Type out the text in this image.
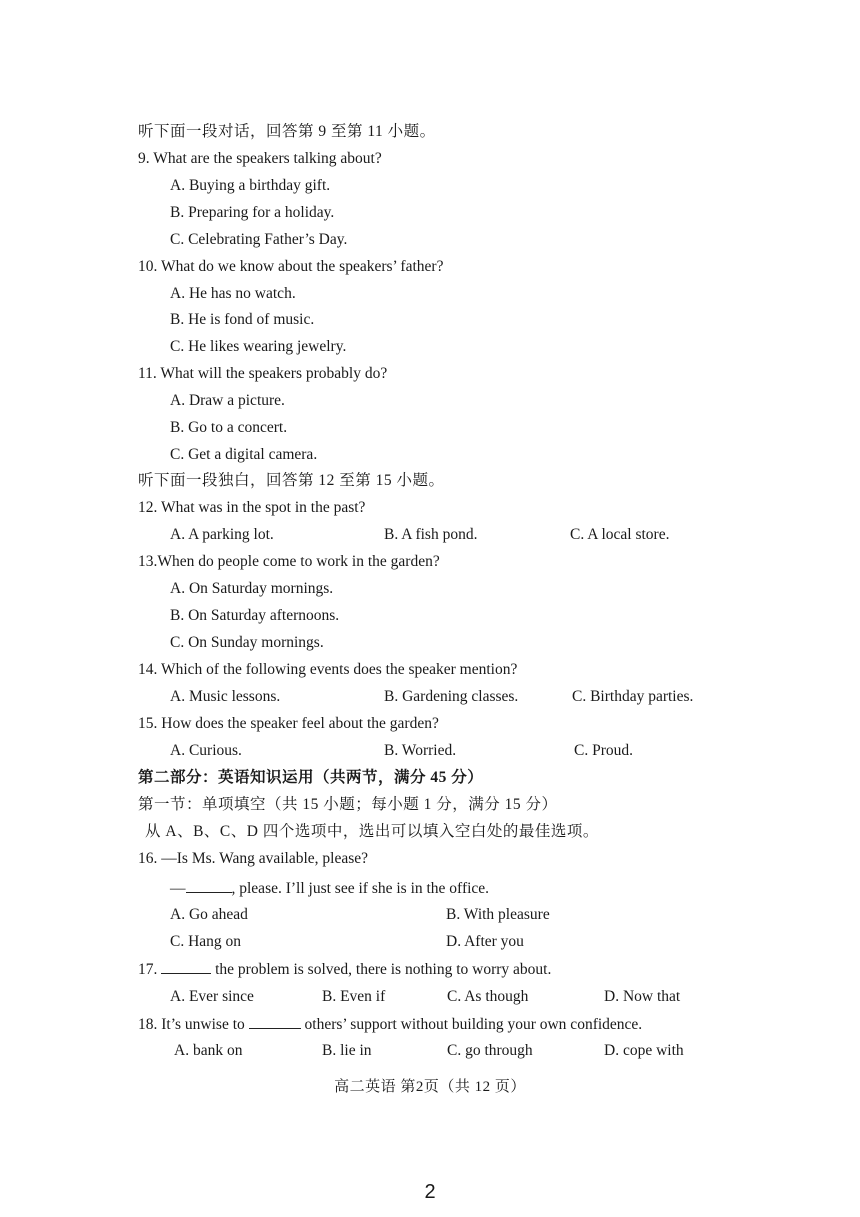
听下面一段对话，回答第 9 至第 11 小题。
9. What are the speakers talking about?
A. Buying a birthday gift.
B. Preparing for a holiday.
C. Celebrating Father’s Day.
10. What do we know about the speakers’ father?
A. He has no watch.
B. He is fond of music.
C. He likes wearing jewelry.
11. What will the speakers probably do?
A. Draw a picture.
B. Go to a concert.
C. Get a digital camera.
听下面一段独白，回答第 12 至第 15 小题。
12. What was in the spot in the past?
A. A parking lot.	B. A fish pond.	C. A local store.
13.When do people come to work in the garden?
A. On Saturday mornings.
B. On Saturday afternoons.
C. On Sunday mornings.
14. Which of the following events does the speaker mention?
A. Music lessons.	B. Gardening classes.	C. Birthday parties.
15. How does the speaker feel about the garden?
A. Curious.	B. Worried.	C. Proud.
第二部分：英语知识运用（共两节，满分 45 分）
第一节：单项填空（共 15 小题；每小题 1 分，满分 15 分）
从 A、B、C、D 四个选项中，选出可以填入空白处的最佳选项。
16. —Is Ms. Wang available, please?
—	, please. I’ll just see if she is in the office.
A. Go ahead	B. With pleasure
C. Hang on	D. After you
17.	the problem is solved, there is nothing to worry about.
A. Ever since	B. Even if	C. As though	D. Now that
18. It’s unwise to	others’ support without building your own confidence.
A. bank on	B. lie in	C. go through	D. cope with
高二英语 第2页（共 12 页）
2
